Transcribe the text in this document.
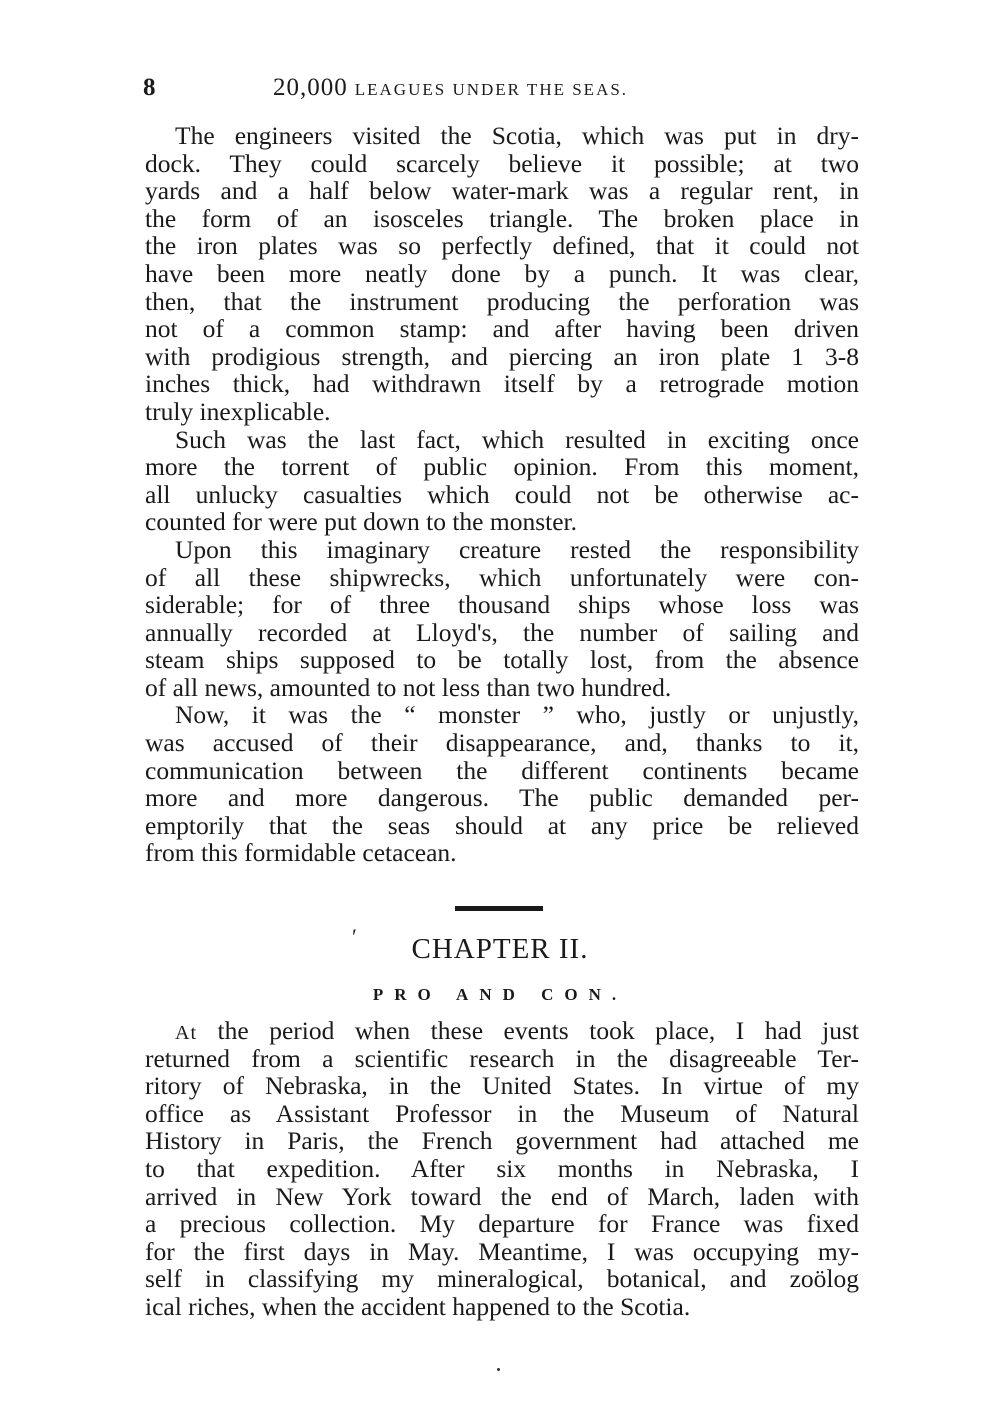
8	20,000 LEAGUES UNDER THE SEAS.
The engineers visited the Scotia, which was put in dry-
dock. They could scarcely believe it possible; at two
yards and a half below water-mark was a regular rent, in
the form of an isosceles triangle. The broken place in
the iron plates was so perfectly defined, that it could not
have been more neatly done by a punch. It was clear,
then, that the instrument producing the perforation was
not of a common stamp: and after having been driven
with prodigious strength, and piercing an iron plate 1 3-8
inches thick, had withdrawn itself by a retrograde motion
truly inexplicable.
Such was the last fact, which resulted in exciting once
more the torrent of public opinion. From this moment,
all unlucky casualties which could not be otherwise ac-
counted for were put down to the monster.
Upon this imaginary creature rested the responsibility
of all these shipwrecks, which unfortunately were con-
siderable; for of three thousand ships whose loss was
annually recorded at Lloyd's, the number of sailing and
steam ships supposed to be totally lost, from the absence
of all news, amounted to not less than two hundred.
Now, it was the “ monster ” who, justly or unjustly,
was accused of their disappearance, and, thanks to it,
communication between the different continents became
more and more dangerous. The public demanded per-
emptorily that the seas should at any price be relieved
from this formidable cetacean.
′	CHAPTER II.
PRO AND CON.
At the period when these events took place, I had just
returned from a scientific research in the disagreeable Ter-
ritory of Nebraska, in the United States. In virtue of my
office as Assistant Professor in the Museum of Natural
History in Paris, the French government had attached me
to that expedition. After six months in Nebraska, I
arrived in New York toward the end of March, laden with
a precious collection. My departure for France was fixed
for the first days in May. Meantime, I was occupying my-
self in classifying my mineralogical, botanical, and zoölog
ical riches, when the accident happened to the Scotia.
